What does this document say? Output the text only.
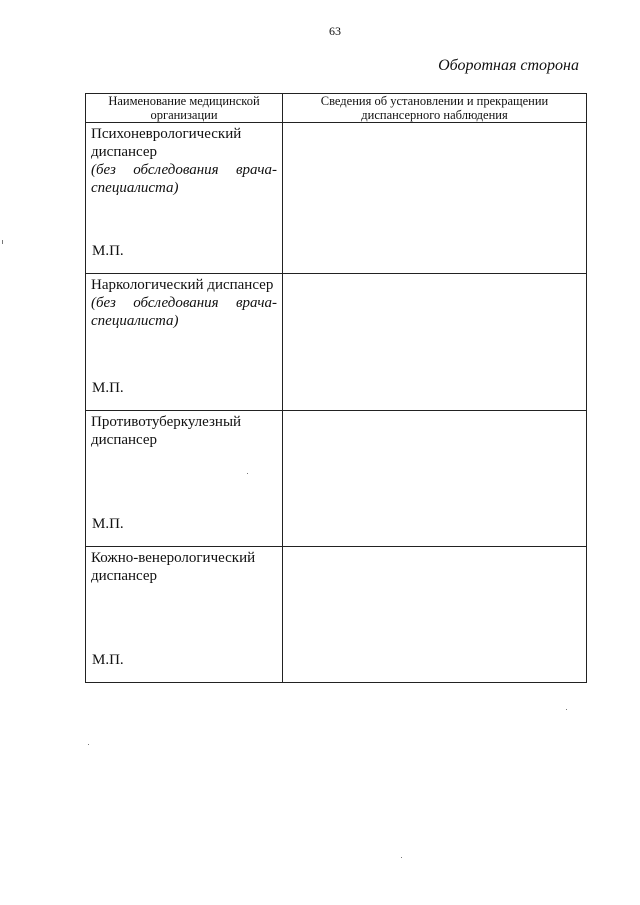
63
Оборотная сторона
Наименование медицинской организации	Сведения об установлении и прекращении диспансерного наблюдения

Психоневрологический диспансер
(без обследования врача-специалиста)
М.П.	

Наркологический диспансер
(без обследования врача-специалиста)
М.П.	

Противотуберкулезный диспансер
М.П.	

Кожно-венерологический диспансер
М.П.	
